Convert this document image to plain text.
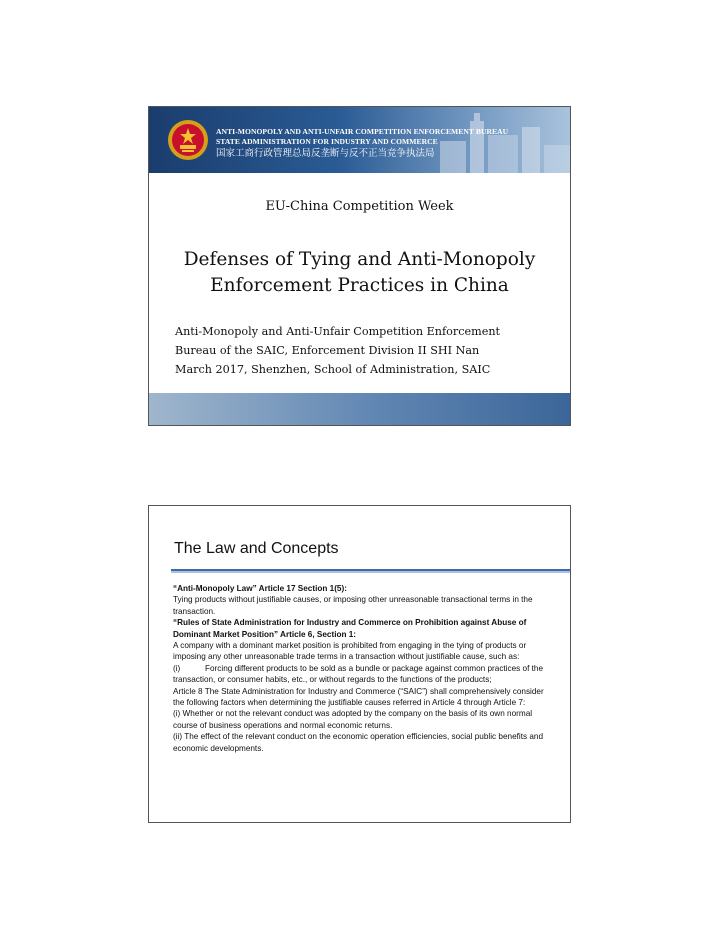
ANTI-MONOPOLY AND ANTI-UNFAIR COMPETITION ENFORCEMENT BUREAU
STATE ADMINISTRATION FOR INDUSTRY AND COMMERCE
国家工商行政管理总局反垄断与反不正当竞争执法局
EU-China Competition Week
Defenses of Tying and Anti-Monopoly
Enforcement Practices in China
Anti-Monopoly and Anti-Unfair Competition Enforcement
Bureau of the SAIC, Enforcement Division II SHI Nan
March 2017, Shenzhen, School of Administration, SAIC
The Law and Concepts

“Anti-Monopoly Law” Article 17 Section 1(5):

Tying products without justifiable causes, or imposing other unreasonable transactional terms in the transaction.

“Rules of State Administration for Industry and Commerce on Prohibition against Abuse of Dominant Market Position” Article 6, Section 1:

A company with a dominant market position is prohibited from engaging in the tying of products or imposing any other unreasonable trade terms in a transaction without justifiable cause, such as:

(i)	Forcing different products to be sold as a bundle or package against common practices of the transaction, or consumer habits, etc., or without regards to the functions of the products;

Article 8 The State Administration for Industry and Commerce (“SAIC”) shall comprehensively consider the following factors when determining the justifiable causes referred in Article 4 through Article 7:

(i) Whether or not the relevant conduct was adopted by the company on the basis of its own normal course of business operations and normal economic returns.

(ii) The effect of the relevant conduct on the economic operation efficiencies, social public benefits and economic developments.
